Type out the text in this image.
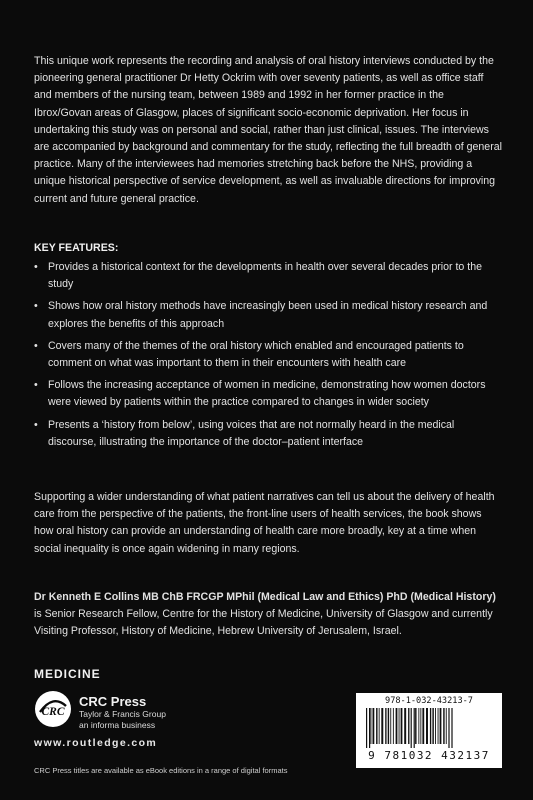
This unique work represents the recording and analysis of oral history interviews conducted by the pioneering general practitioner Dr Hetty Ockrim with over seventy patients, as well as office staff and members of the nursing team, between 1989 and 1992 in her former practice in the Ibrox/Govan areas of Glasgow, places of significant socio-economic deprivation. Her focus in undertaking this study was on personal and social, rather than just clinical, issues. The interviews are accompanied by background and commentary for the study, reflecting the full breadth of general practice. Many of the interviewees had memories stretching back before the NHS, providing a unique historical perspective of service development, as well as invaluable directions for improving current and future general practice.
KEY FEATURES:
• Provides a historical context for the developments in health over several decades prior to the study
• Shows how oral history methods have increasingly been used in medical history research and explores the benefits of this approach
• Covers many of the themes of the oral history which enabled and encouraged patients to comment on what was important to them in their encounters with health care
• Follows the increasing acceptance of women in medicine, demonstrating how women doctors were viewed by patients within the practice compared to changes in wider society
• Presents a ‘history from below’, using voices that are not normally heard in the medical discourse, illustrating the importance of the doctor–patient interface
Supporting a wider understanding of what patient narratives can tell us about the delivery of health care from the perspective of the patients, the front-line users of health services, the book shows how oral history can provide an understanding of health care more broadly, key at a time when social inequality is once again widening in many regions.
Dr Kenneth E Collins MB ChB FRCGP MPhil (Medical Law and Ethics) PhD (Medical History) is Senior Research Fellow, Centre for the History of Medicine, University of Glasgow and currently Visiting Professor, History of Medicine, Hebrew University of Jerusalem, Israel.
MEDICINE
CRC
CRC Press
Taylor & Francis Group
an informa business
www.routledge.com
CRC Press titles are available as eBook editions in a range of digital formats
978-1-032-43213-7
9 781032 432137
